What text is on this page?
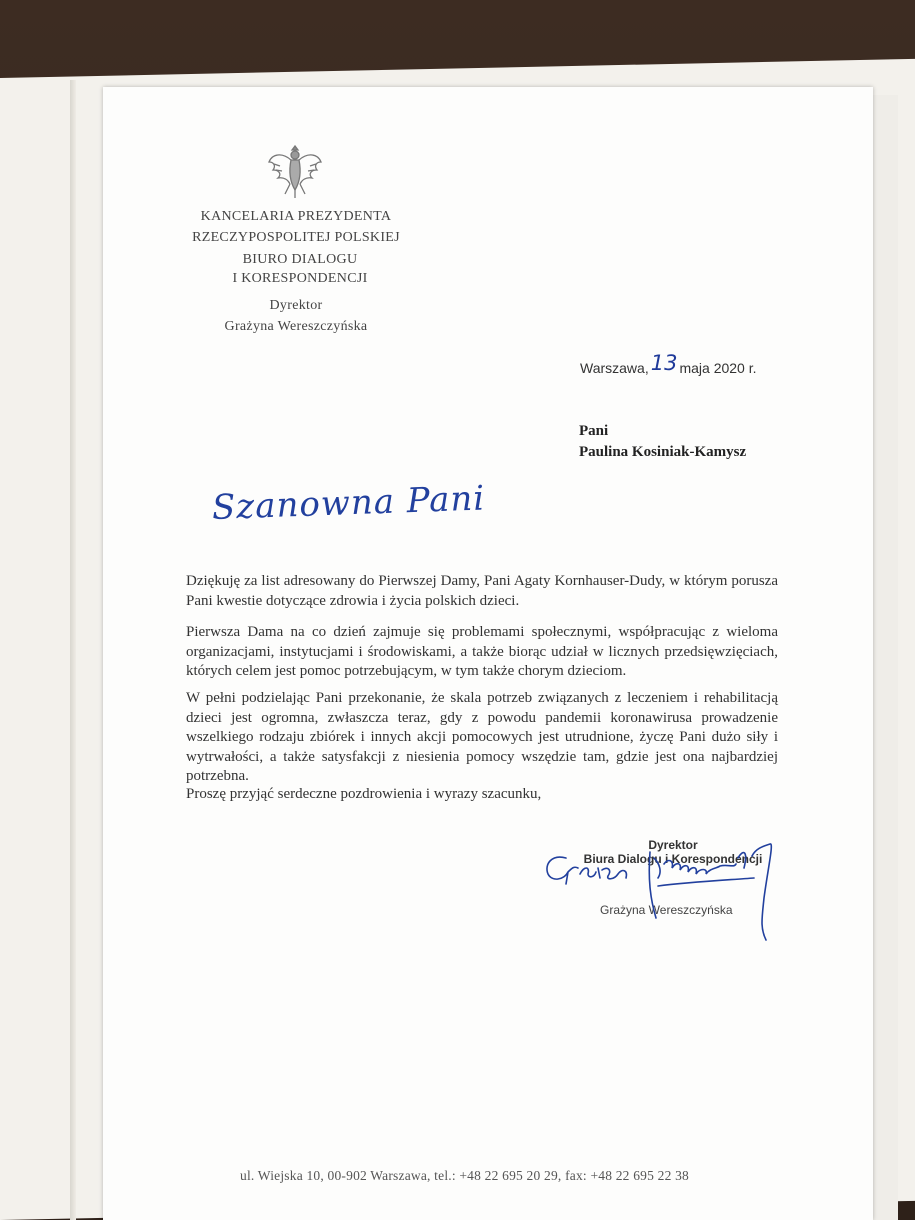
KANCELARIA PREZYDENTA
RZECZYPOSPOLITEJ POLSKIEJ
BIURO DIALOGU
I KORESPONDENCJI
Dyrektor
Grażyna Wereszczyńska
Warszawa,13 maja 2020 r.
Pani
Paulina Kosiniak-Kamysz
Szanowna Pani
Dziękuję za list adresowany do Pierwszej Damy, Pani Agaty Kornhauser-Dudy, w którym porusza Pani kwestie dotyczące zdrowia i życia polskich dzieci.
Pierwsza Dama na co dzień zajmuje się problemami społecznymi, współpracując z wieloma organizacjami, instytucjami i środowiskami, a także biorąc udział w licznych przedsięwzięciach, których celem jest pomoc potrzebującym, w tym także chorym dzieciom.
W pełni podzielając Pani przekonanie, że skala potrzeb związanych z leczeniem i rehabilitacją dzieci jest ogromna, zwłaszcza teraz, gdy z powodu pandemii koronawirusa prowadzenie wszelkiego rodzaju zbiórek i innych akcji pomocowych jest utrudnione, życzę Pani dużo siły i wytrwałości, a także satysfakcji z niesienia pomocy wszędzie tam, gdzie jest ona najbardziej potrzebna.
Proszę przyjąć serdeczne pozdrowienia i wyrazy szacunku,
Dyrektor
Biura Dialogu i Korespondencji
Grażyna Wereszczyńska
ul. Wiejska 10, 00-902 Warszawa, tel.: +48 22 695 20 29, fax: +48 22 695 22 38
